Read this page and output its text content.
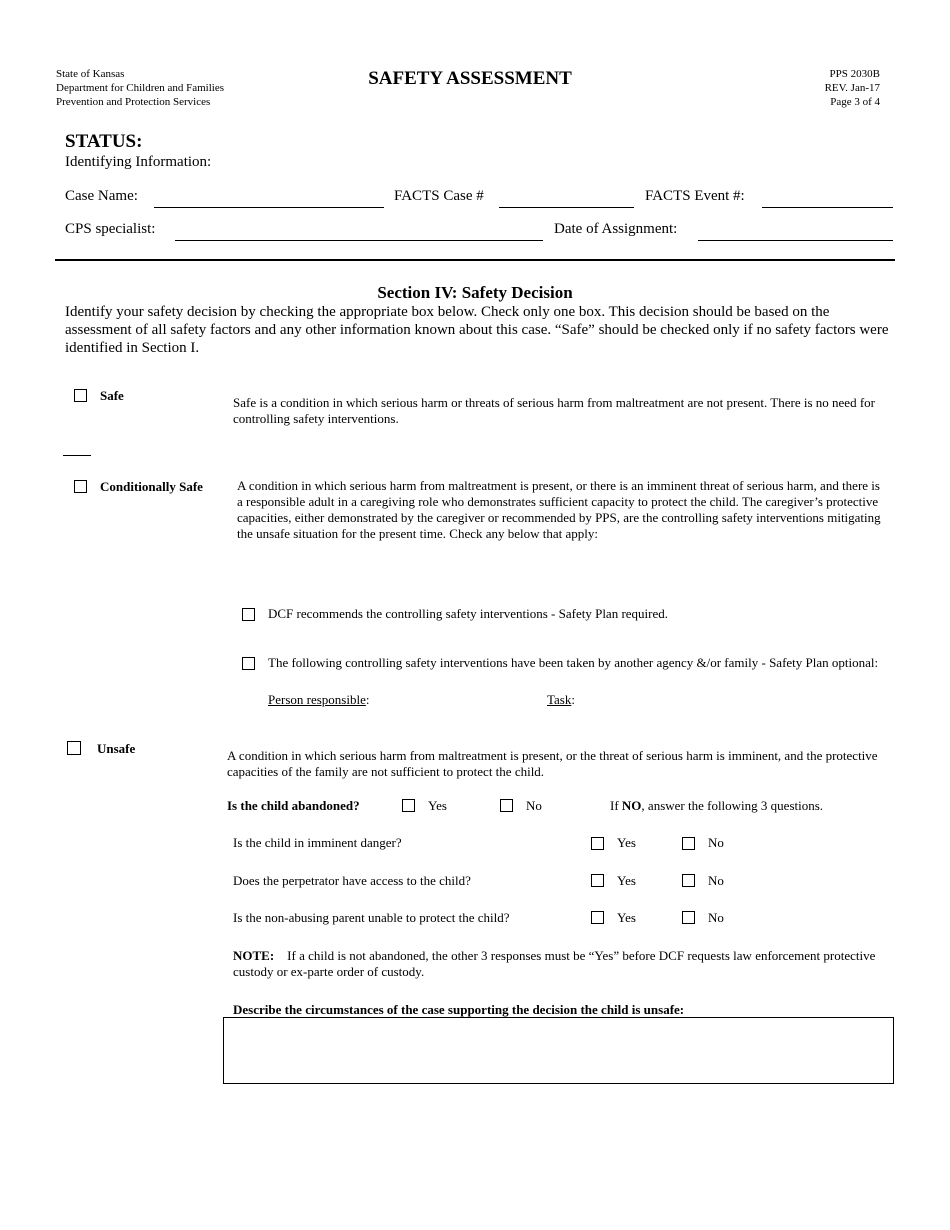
State of Kansas
Department for Children and Families
Prevention and Protection Services
SAFETY ASSESSMENT	PPS 2030B
REV. Jan-17
Page 3 of 4
STATUS:
Identifying Information:
Case Name:	FACTS Case #	FACTS Event #:
CPS specialist:	Date of Assignment:
Section IV: Safety Decision
Identify your safety decision by checking the appropriate box below. Check only one box. This decision should be based on the assessment of all safety factors and any other information known about this case. “Safe” should be checked only if no safety factors were identified in Section I.
Safe	Safe is a condition in which serious harm or threats of serious harm from maltreatment are not present. There is no need for controlling safety interventions.
Conditionally Safe	A condition in which serious harm from maltreatment is present, or there is an imminent threat of serious harm, and there is a responsible adult in a caregiving role who demonstrates sufficient capacity to protect the child. The caregiver’s protective capacities, either demonstrated by the caregiver or recommended by PPS, are the controlling safety interventions mitigating the unsafe situation for the present time. Check any below that apply:
DCF recommends the controlling safety interventions - Safety Plan required.
The following controlling safety interventions have been taken by another agency &/or family - Safety Plan optional:
Person responsible:	Task:
Unsafe	A condition in which serious harm from maltreatment is present, or the threat of serious harm is imminent, and the protective capacities of the family are not sufficient to protect the child.
Is the child abandoned?	Yes	No	If NO, answer the following 3 questions.
Is the child in imminent danger?	Yes	No
Does the perpetrator have access to the child?	Yes	No
Is the non-abusing parent unable to protect the child?	Yes	No
NOTE: If a child is not abandoned, the other 3 responses must be “Yes” before DCF requests law enforcement protective custody or ex-parte order of custody.
Describe the circumstances of the case supporting the decision the child is unsafe:
